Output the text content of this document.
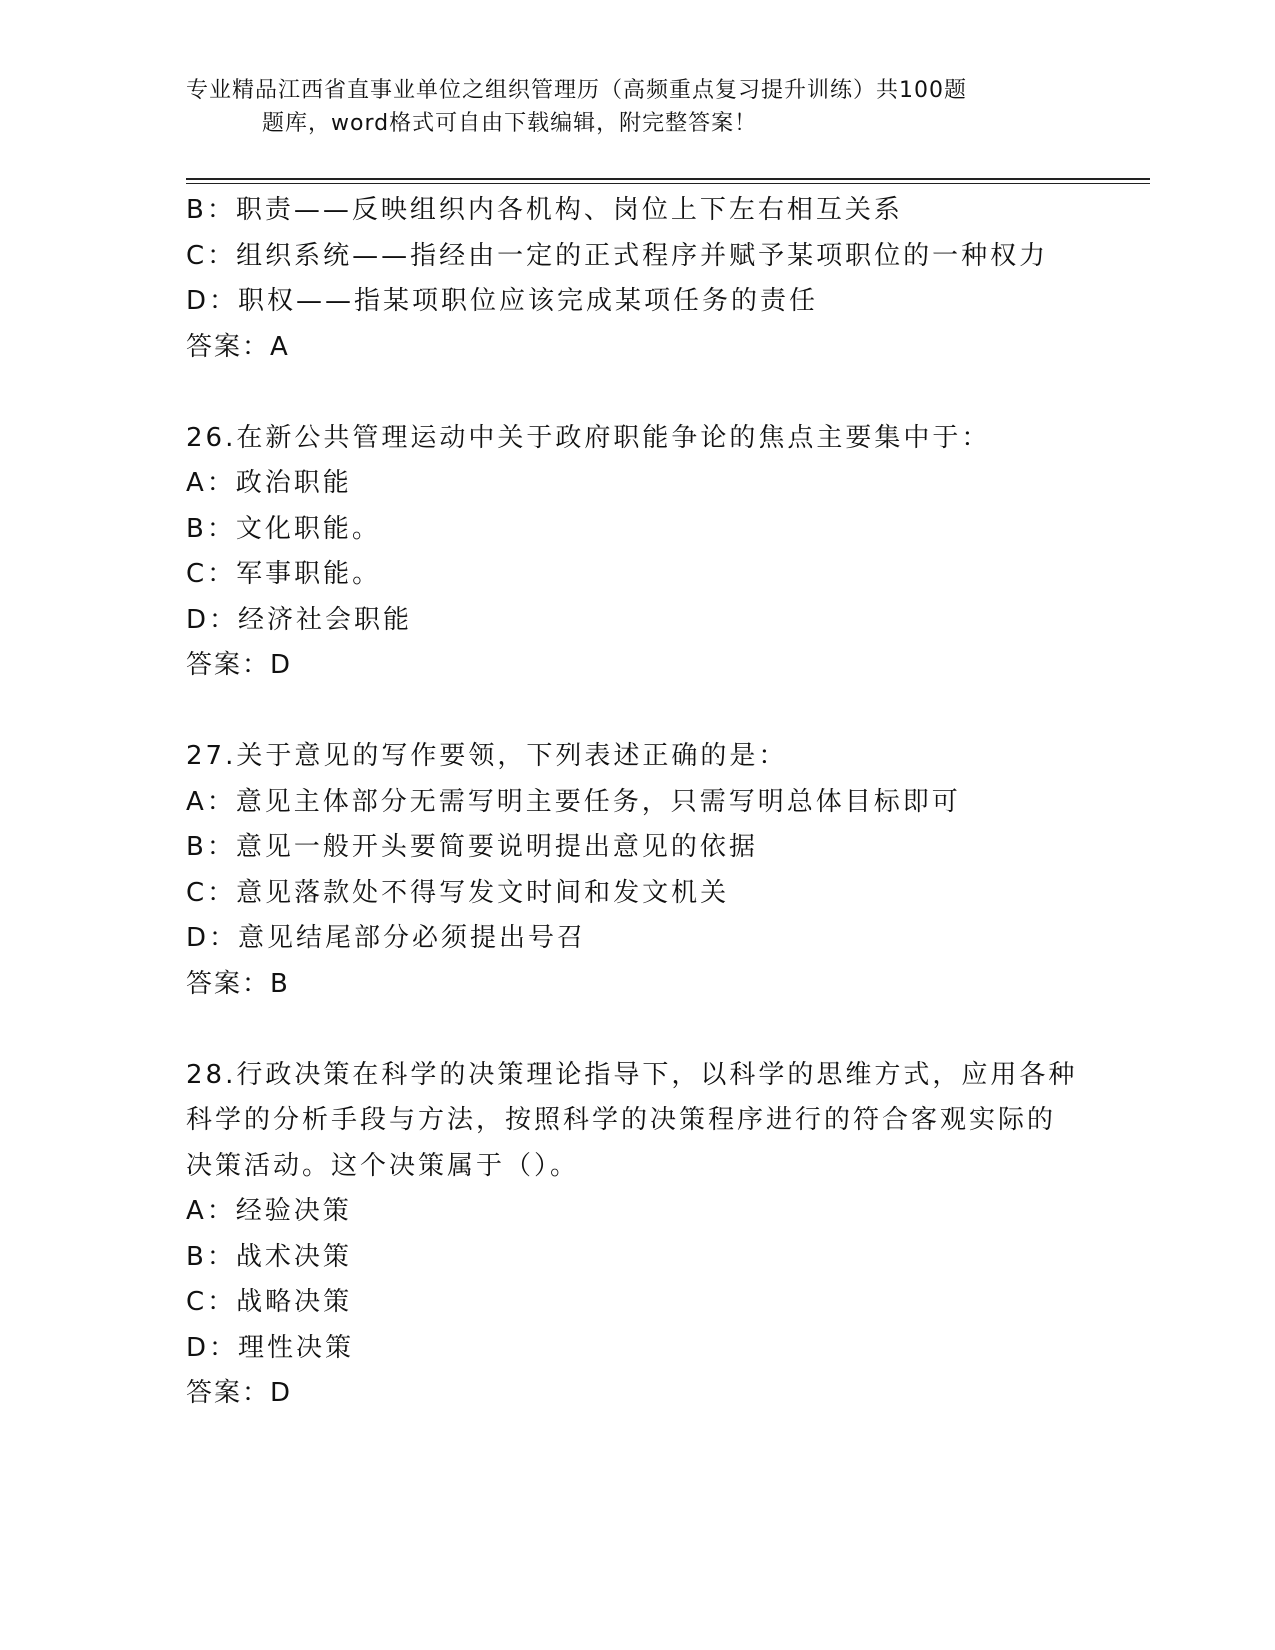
专业精品江西省直事业单位之组织管理历（高频重点复习提升训练）共100题
题库，word格式可自由下载编辑，附完整答案！
B：职责——反映组织内各机构、岗位上下左右相互关系
C：组织系统——指经由一定的正式程序并赋予某项职位的一种权力
D：职权——指某项职位应该完成某项任务的责任
答案：A
26.在新公共管理运动中关于政府职能争论的焦点主要集中于：
A：政治职能
B：文化职能。
C：军事职能。
D：经济社会职能
答案：D
27.关于意见的写作要领，下列表述正确的是：
A：意见主体部分无需写明主要任务，只需写明总体目标即可
B：意见一般开头要简要说明提出意见的依据
C：意见落款处不得写发文时间和发文机关
D：意见结尾部分必须提出号召
答案：B
28.行政决策在科学的决策理论指导下，以科学的思维方式，应用各种
科学的分析手段与方法，按照科学的决策程序进行的符合客观实际的
决策活动。这个决策属于（）。
A：经验决策
B：战术决策
C：战略决策
D：理性决策
答案：D
